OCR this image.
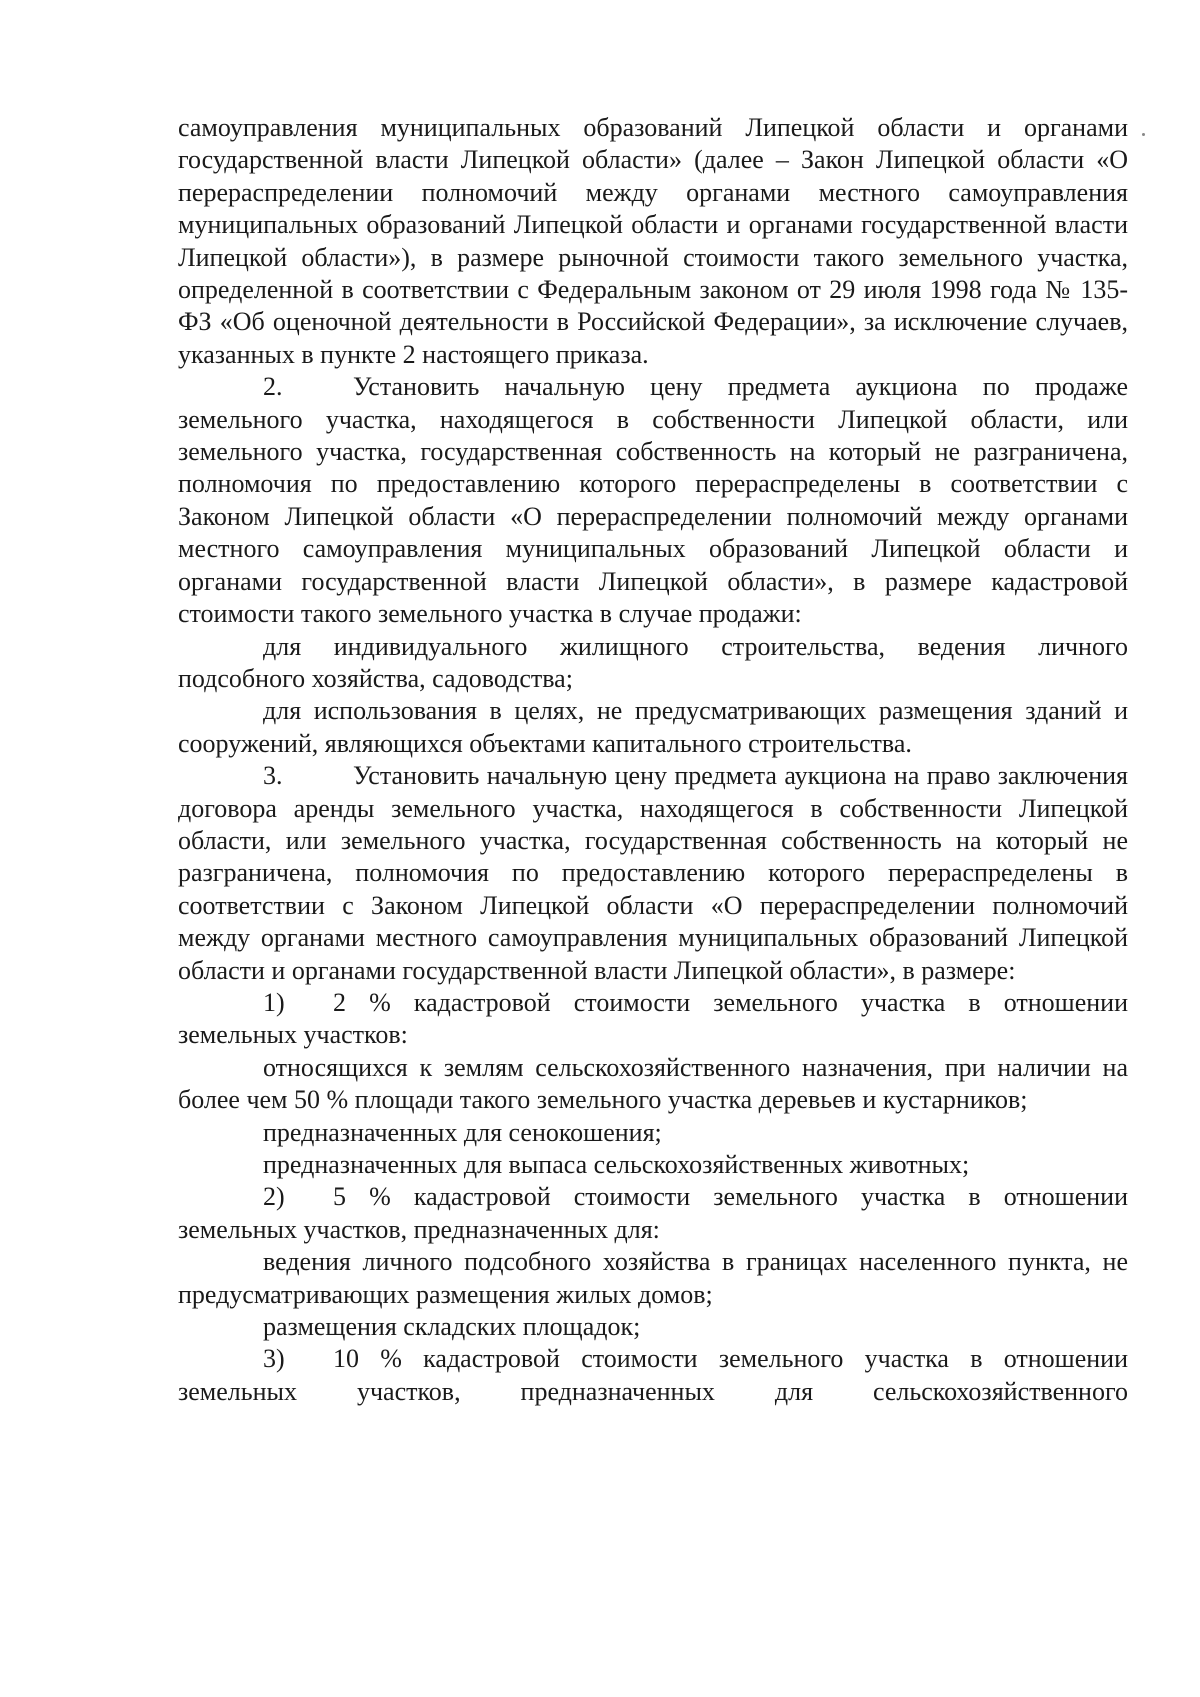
самоуправления муниципальных образований Липецкой области и органами государственной власти Липецкой области» (далее – Закон Липецкой области «О перераспределении полномочий между органами местного самоуправления муниципальных образований Липецкой области и органами государственной власти Липецкой области»), в размере рыночной стоимости такого земельного участка, определенной в соответствии с Федеральным законом от 29 июля 1998 года № 135-ФЗ «Об оценочной деятельности в Российской Федерации», за исключение случаев, указанных в пункте 2 настоящего приказа.

2.	Установить начальную цену предмета аукциона по продаже земельного участка, находящегося в собственности Липецкой области, или земельного участка, государственная собственность на который не разграничена, полномочия по предоставлению которого перераспределены в соответствии с Законом Липецкой области «О перераспределении полномочий между органами местного самоуправления муниципальных образований Липецкой области и органами государственной власти Липецкой области», в размере кадастровой стоимости такого земельного участка в случае продажи:

для индивидуального жилищного строительства, ведения личного подсобного хозяйства, садоводства;

для использования в целях, не предусматривающих размещения зданий и сооружений, являющихся объектами капитального строительства.

3.	Установить начальную цену предмета аукциона на право заключения договора аренды земельного участка, находящегося в собственности Липецкой области, или земельного участка, государственная собственность на который не разграничена, полномочия по предоставлению которого перераспределены в соответствии с Законом Липецкой области «О перераспределении полномочий между органами местного самоуправления муниципальных образований Липецкой области и органами государственной власти Липецкой области», в размере:

1) 2 % кадастровой стоимости земельного участка в отношении земельных участков:

относящихся к землям сельскохозяйственного назначения, при наличии на более чем 50 % площади такого земельного участка деревьев и кустарников;

предназначенных для сенокошения;

предназначенных для выпаса сельскохозяйственных животных;

2) 5 % кадастровой стоимости земельного участка в отношении земельных участков, предназначенных для:

ведения личного подсобного хозяйства в границах населенного пункта, не предусматривающих размещения жилых домов;

размещения складских площадок;

3) 10 % кадастровой стоимости земельного участка в отношении земельных участков, предназначенных для сельскохозяйственного
